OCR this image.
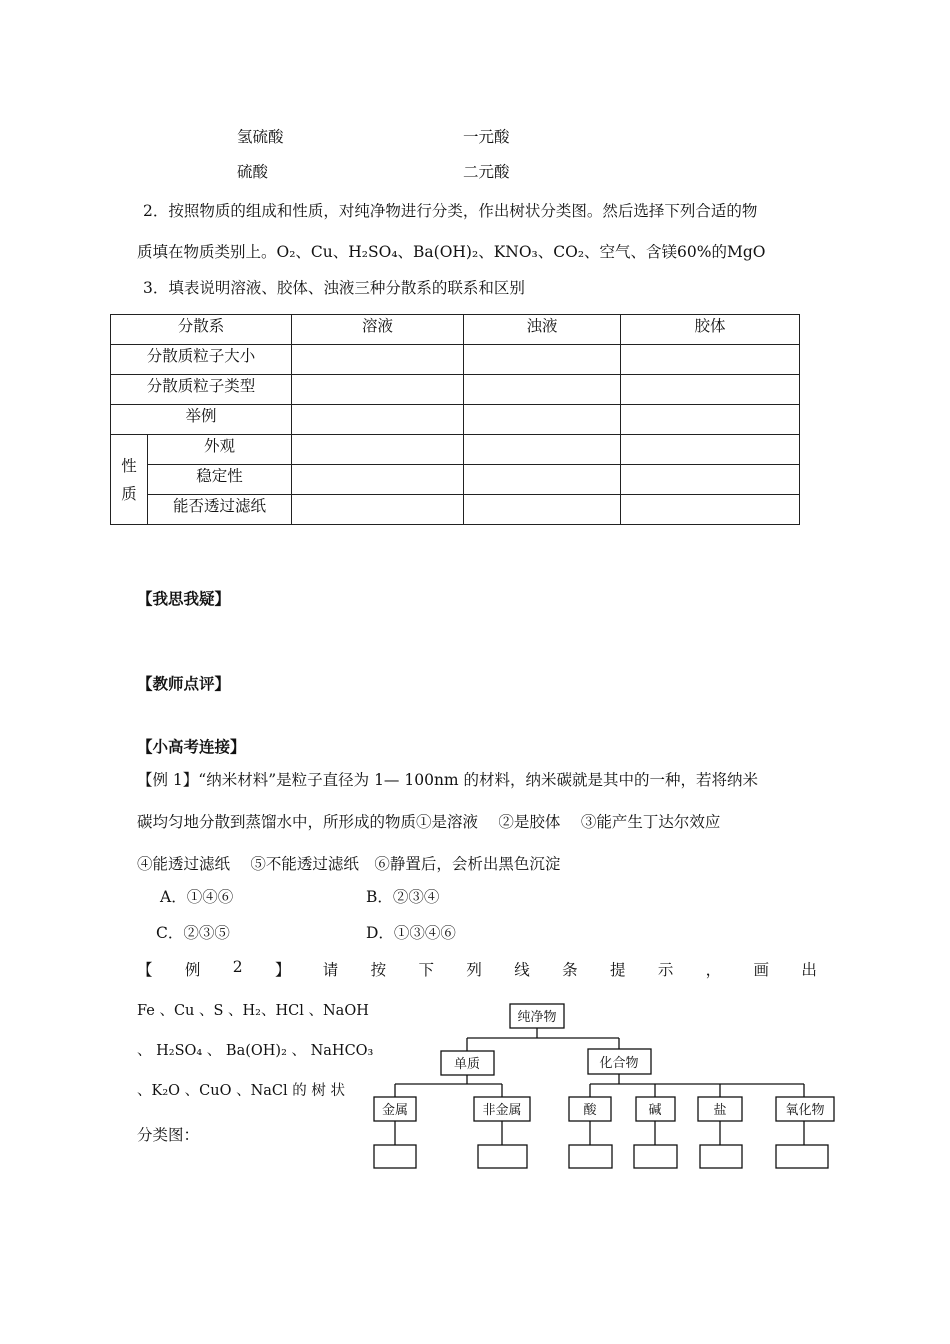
氢硫酸	一元酸
硫酸	二元酸
2．按照物质的组成和性质，对纯净物进行分类，作出树状分类图。然后选择下列合适的物
质填在物质类别上。O₂、Cu、H₂SO₄、Ba(OH)₂、KNO₃、CO₂、空气、含镁60%的MgO
3．填表说明溶液、胶体、浊液三种分散系的联系和区别
分散系		溶液	浊液	胶体
分散质粒子大小				
分散质粒子类型				
举例				

性
质	外观			
	稳定性			
	能否透过滤纸			
【我思我疑】
【教师点评】
【小高考连接】
【例 1】“纳米材料”是粒子直径为 1— 100nm 的材料，纳米碳就是其中的一种，若将纳米
碳均匀地分散到蒸馏水中，所形成的物质①是溶液　 ②是胶体　 ③能产生丁达尔效应
④能透过滤纸　 ⑤不能透过滤纸　⑥静置后，会析出黑色沉淀
A．①④⑥	B．②③④
C．②③⑤	D．①③④⑥
【 例 2 】 请 按 下 列 线 条 提 示 ， 画 出
Fe 、Cu 、S 、H₂、HCl 、NaOH
、 H₂SO₄ 、 Ba(OH)₂ 、 NaHCO₃
、K₂O 、CuO 、NaCl 的 树 状
分类图：
纯净物
单质	化合物
金属	非金属	酸	碱	盐	氧化物
